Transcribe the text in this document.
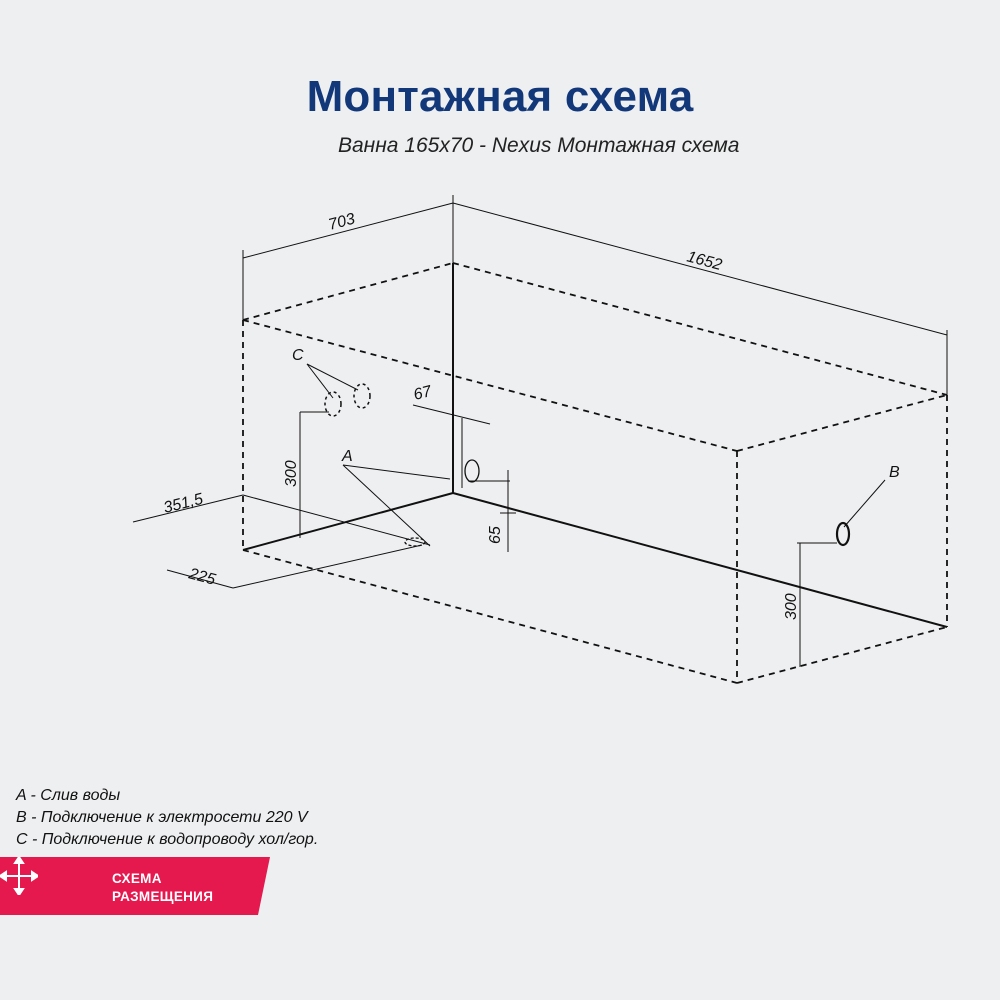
Монтажная схема
Ванна 165х70 - Nexus Монтажная схема
703
1652
C
300
A
351,5
225
67
65
B
300
A - Слив воды
B - Подключение к электросети 220 V
C - Подключение к водопроводу хол/гор.
СХЕМА
РАЗМЕЩЕНИЯ
